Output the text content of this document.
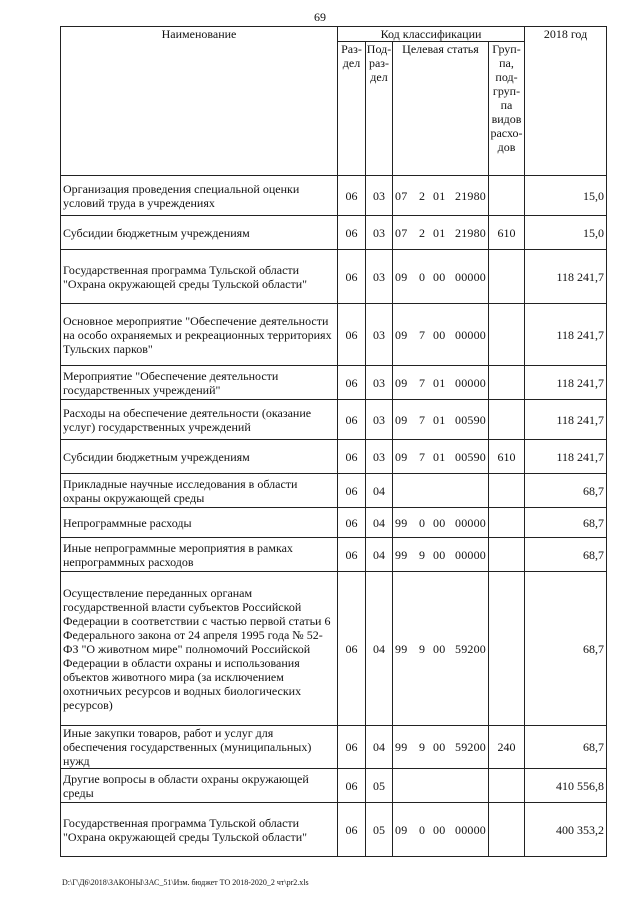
69
Наименование	Код классификации				2018 год
	Раз- дел	Под- раз- дел	Целевая статья	Груп- па, под- груп- па видов расхо- дов	
Организация проведения специальной оценки условий труда в учреждениях	06	03	07 2 01 21980		15,0
Субсидии бюджетным учреждениям	06	03	07 2 01 21980	610	15,0
Государственная программа Тульской области "Охрана окружающей среды Тульской области"	06	03	09 0 00 00000		118 241,7
Основное мероприятие "Обеспечение деятельности на особо охраняемых и рекреационных территориях Тульских парков"	06	03	09 7 00 00000		118 241,7
Мероприятие "Обеспечение деятельности государственных учреждений"	06	03	09 7 01 00000		118 241,7
Расходы на обеспечение деятельности (оказание услуг) государственных учреждений	06	03	09 7 01 00590		118 241,7
Субсидии бюджетным учреждениям	06	03	09 7 01 00590	610	118 241,7
Прикладные научные исследования в области охраны окружающей среды	06	04			68,7
Непрограммные расходы	06	04	99 0 00 00000		68,7
Иные непрограммные мероприятия в рамках непрограммных расходов	06	04	99 9 00 00000		68,7
Осуществление переданных органам государственной власти субъектов Российской Федерации в соответствии с частью первой статьи 6 Федерального закона от 24 апреля 1995 года № 52-ФЗ "О животном мире" полномочий Российской Федерации в области охраны и использования объектов животного мира (за исключением охотничьих ресурсов и водных биологических ресурсов)	06	04	99 9 00 59200		68,7
Иные закупки товаров, работ и услуг для обеспечения государственных (муниципальных) нужд	06	04	99 9 00 59200	240	68,7
Другие вопросы в области охраны окружающей среды	06	05			410 556,8
Государственная программа Тульской области "Охрана окружающей среды Тульской области"	06	05	09 0 00 00000		400 353,2
D:\Г\Д6\2018\ЗАКОНЫ\ЗАС_51\Изм. бюджет ТО 2018-2020_2 чт\pr2.xls
